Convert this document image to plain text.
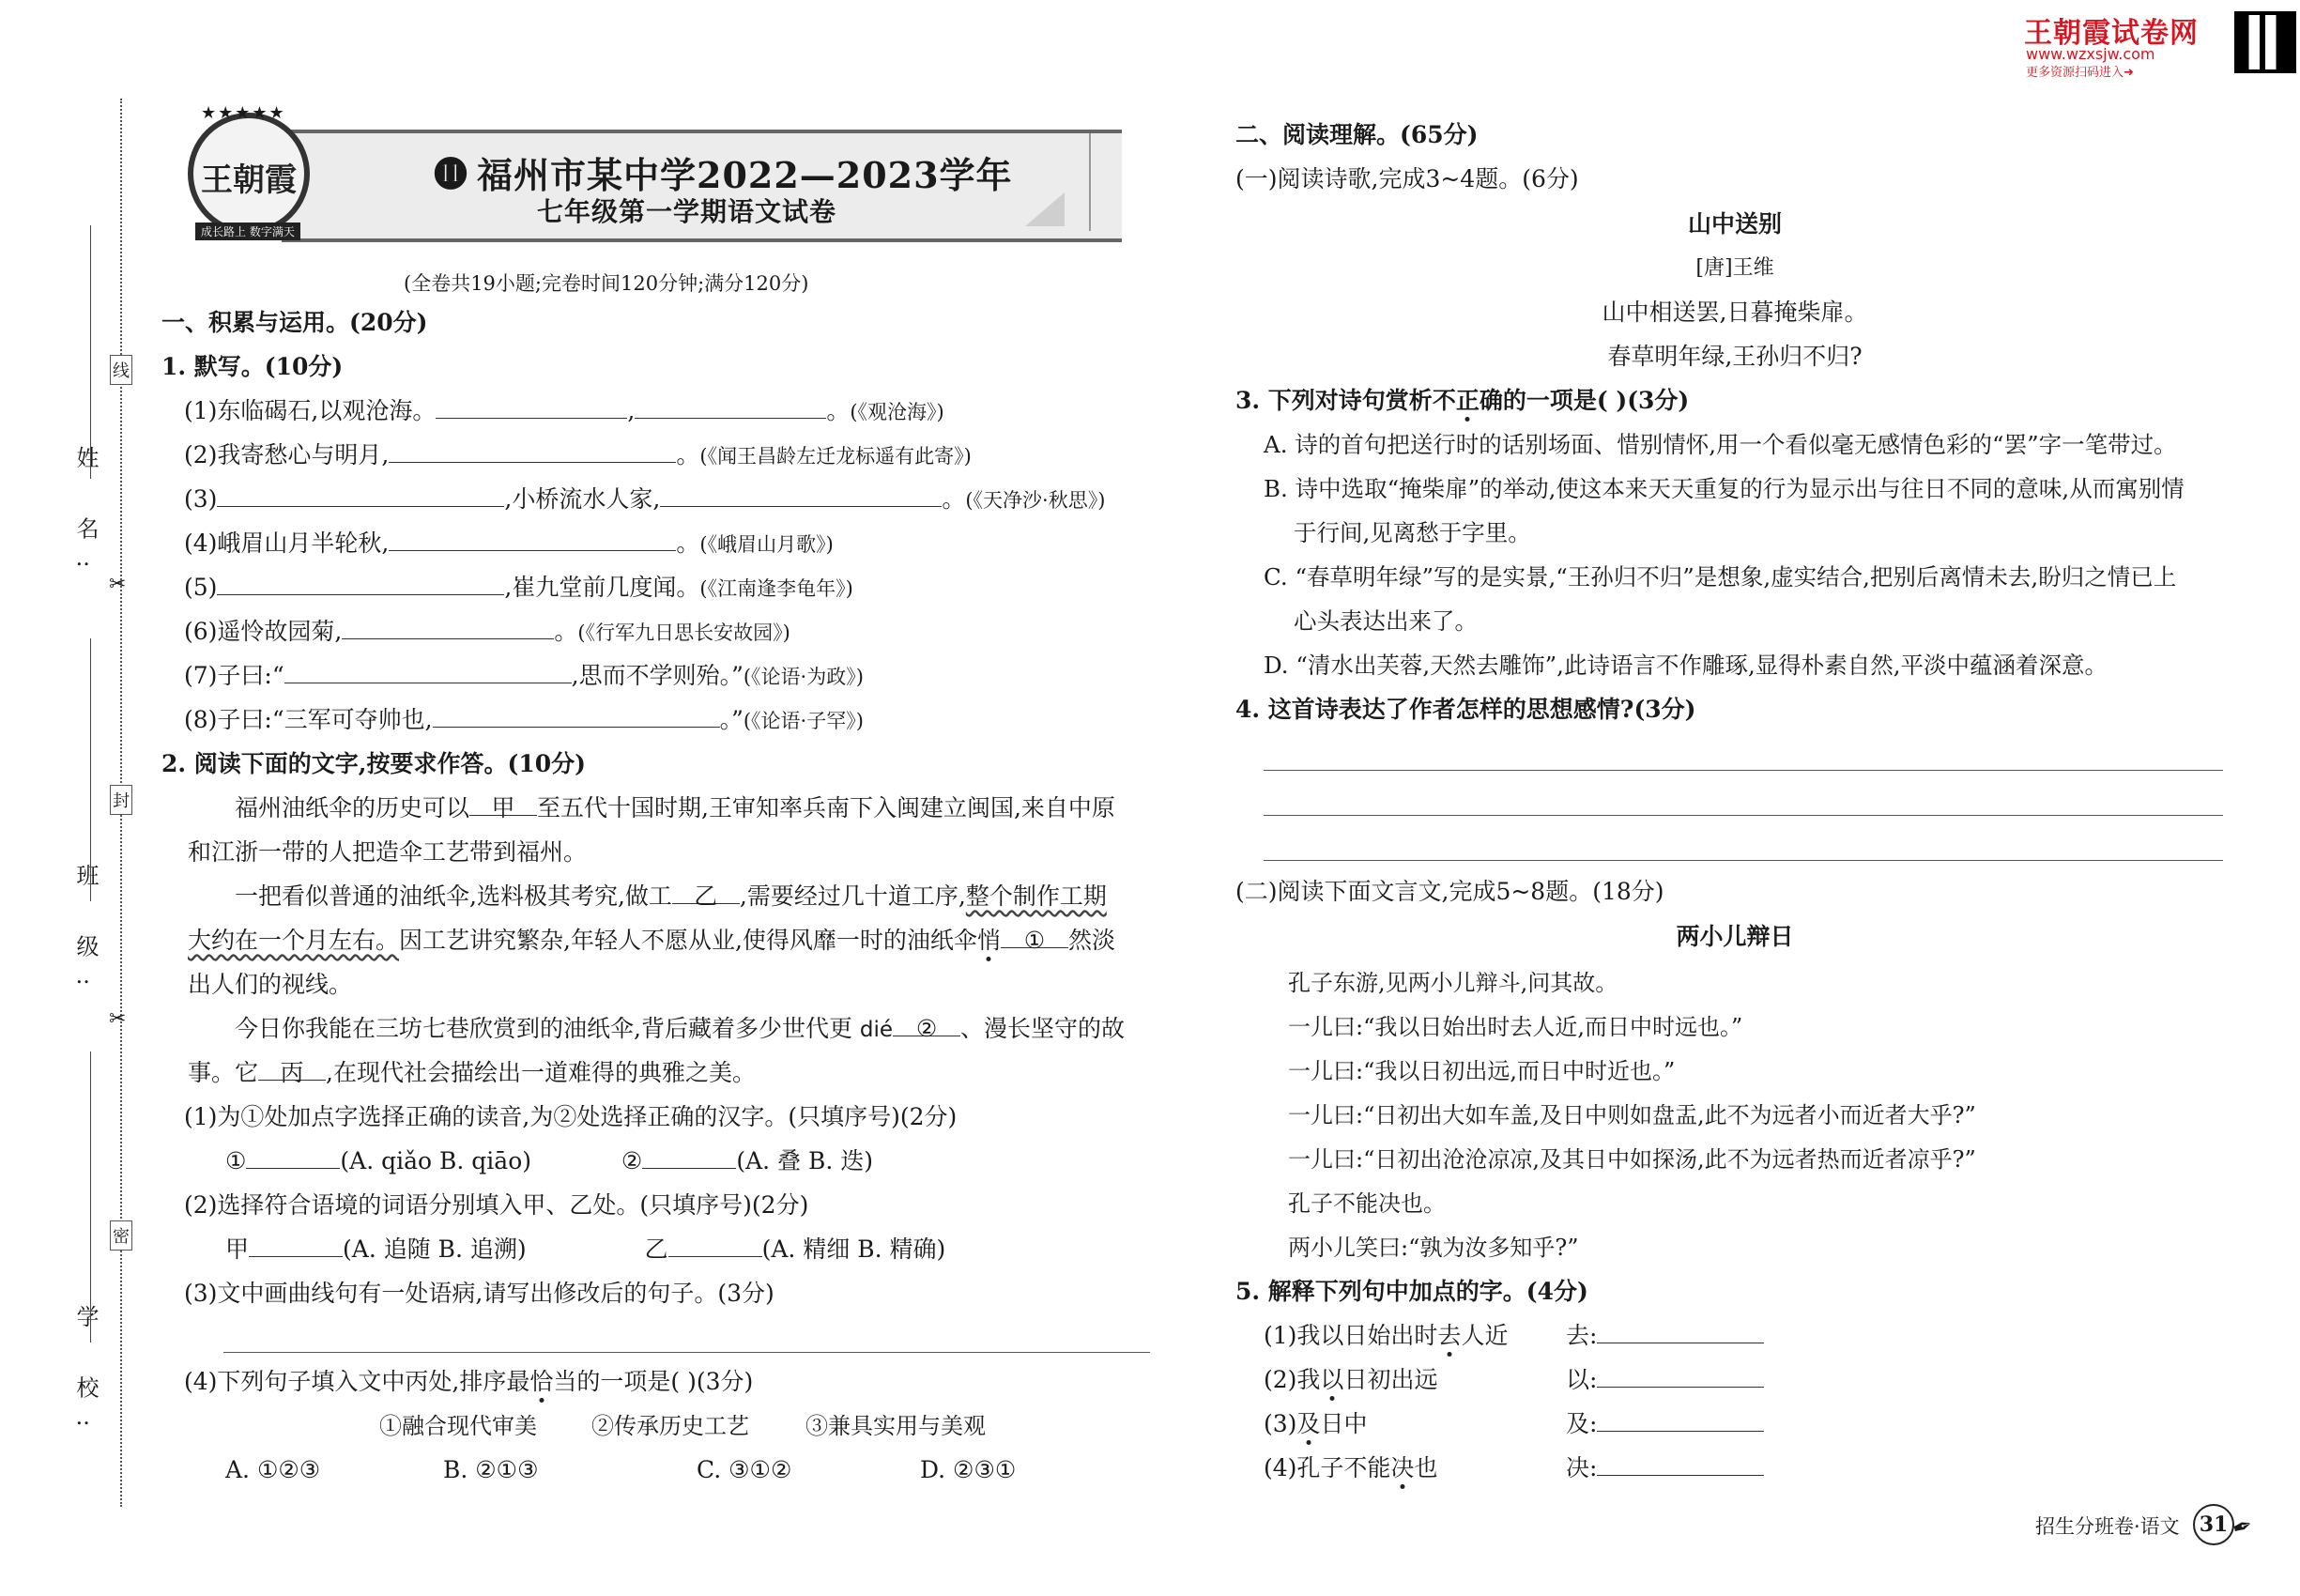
王朝霞试卷网
www.wzxsjw.com
更多资源扫码进入➜
姓 名:
班 级:
学 校:
线
封
密
✂
✂
王朝霞
★★★★★
成长路上 数字满天
⓫ 福州市某中学2022—2023学年
七年级第一学期语文试卷
(全卷共19小题;完卷时间120分钟;满分120分)
一、积累与运用。(20分)
1. 默写。(10分)
(1)东临碣石,以观沧海。	,	。(《观沧海》)
(2)我寄愁心与明月,	。(《闻王昌龄左迁龙标遥有此寄》)
(3)	,小桥流水人家,	。(《天净沙·秋思》)
(4)峨眉山月半轮秋,	。(《峨眉山月歌》)
(5)	,崔九堂前几度闻。(《江南逢李龟年》)
(6)遥怜故园菊,	。(《行军九日思长安故园》)
(7)子曰:“	,思而不学则殆。”(《论语·为政》)
(8)子曰:“三军可夺帅也,	。”(《论语·子罕》)
2. 阅读下面的文字,按要求作答。(10分)
福州油纸伞的历史可以 甲 至五代十国时期,王审知率兵南下入闽建立闽国,来自中原
和江浙一带的人把造伞工艺带到福州。
一把看似普通的油纸伞,选料极其考究,做工 乙 ,需要经过几十道工序,整个制作工期
大约在一个月左右。因工艺讲究繁杂,年轻人不愿从业,使得风靡一时的油纸伞悄 ① 然淡
出人们的视线。
今日你我能在三坊七巷欣赏到的油纸伞,背后藏着多少世代更 dié ② 、漫长坚守的故
事。它 丙 ,在现代社会描绘出一道难得的典雅之美。
(1)为①处加点字选择正确的读音,为②处选择正确的汉字。(只填序号)(2分)
①	(A. qiǎo B. qiāo)	②	(A. 叠 B. 迭)
(2)选择符合语境的词语分别填入甲、乙处。(只填序号)(2分)
甲	(A. 追随 B. 追溯)	乙	(A. 精细 B. 精确)
(3)文中画曲线句有一处语病,请写出修改后的句子。(3分)
(4)下列句子填入文中丙处,排序最恰当的一项是( )(3分)
①融合现代审美 ②传承历史工艺	③兼具实用与美观
A. ①②③	B. ②①③	C. ③①②	D. ②③①
二、阅读理解。(65分)
(一)阅读诗歌,完成3~4题。(6分)
山中送别
[唐]王维
山中相送罢,日暮掩柴扉。
春草明年绿,王孙归不归?
3. 下列对诗句赏析不正确的一项是( )(3分)
A. 诗的首句把送行时的话别场面、惜别情怀,用一个看似毫无感情色彩的“罢”字一笔带过。
B. 诗中选取“掩柴扉”的举动,使这本来天天重复的行为显示出与往日不同的意味,从而寓别情
于行间,见离愁于字里。
C. “春草明年绿”写的是实景,“王孙归不归”是想象,虚实结合,把别后离情未去,盼归之情已上
心头表达出来了。
D. “清水出芙蓉,天然去雕饰”,此诗语言不作雕琢,显得朴素自然,平淡中蕴涵着深意。
4. 这首诗表达了作者怎样的思想感情?(3分)
(二)阅读下面文言文,完成5~8题。(18分)
两小儿辩日
孔子东游,见两小儿辩斗,问其故。
一儿曰:“我以日始出时去人近,而日中时远也。”
一儿曰:“我以日初出远,而日中时近也。”
一儿曰:“日初出大如车盖,及日中则如盘盂,此不为远者小而近者大乎?”
一儿曰:“日初出沧沧凉凉,及其日中如探汤,此不为远者热而近者凉乎?”
孔子不能决也。
两小儿笑曰:“孰为汝多知乎?”
5. 解释下列句中加点的字。(4分)
(1)我以日始出时去人近 去:
(2)我以日初出远	以:
(3)及日中	及:
(4)孔子不能决也	决:
招生分班卷·语文 31 ✒
